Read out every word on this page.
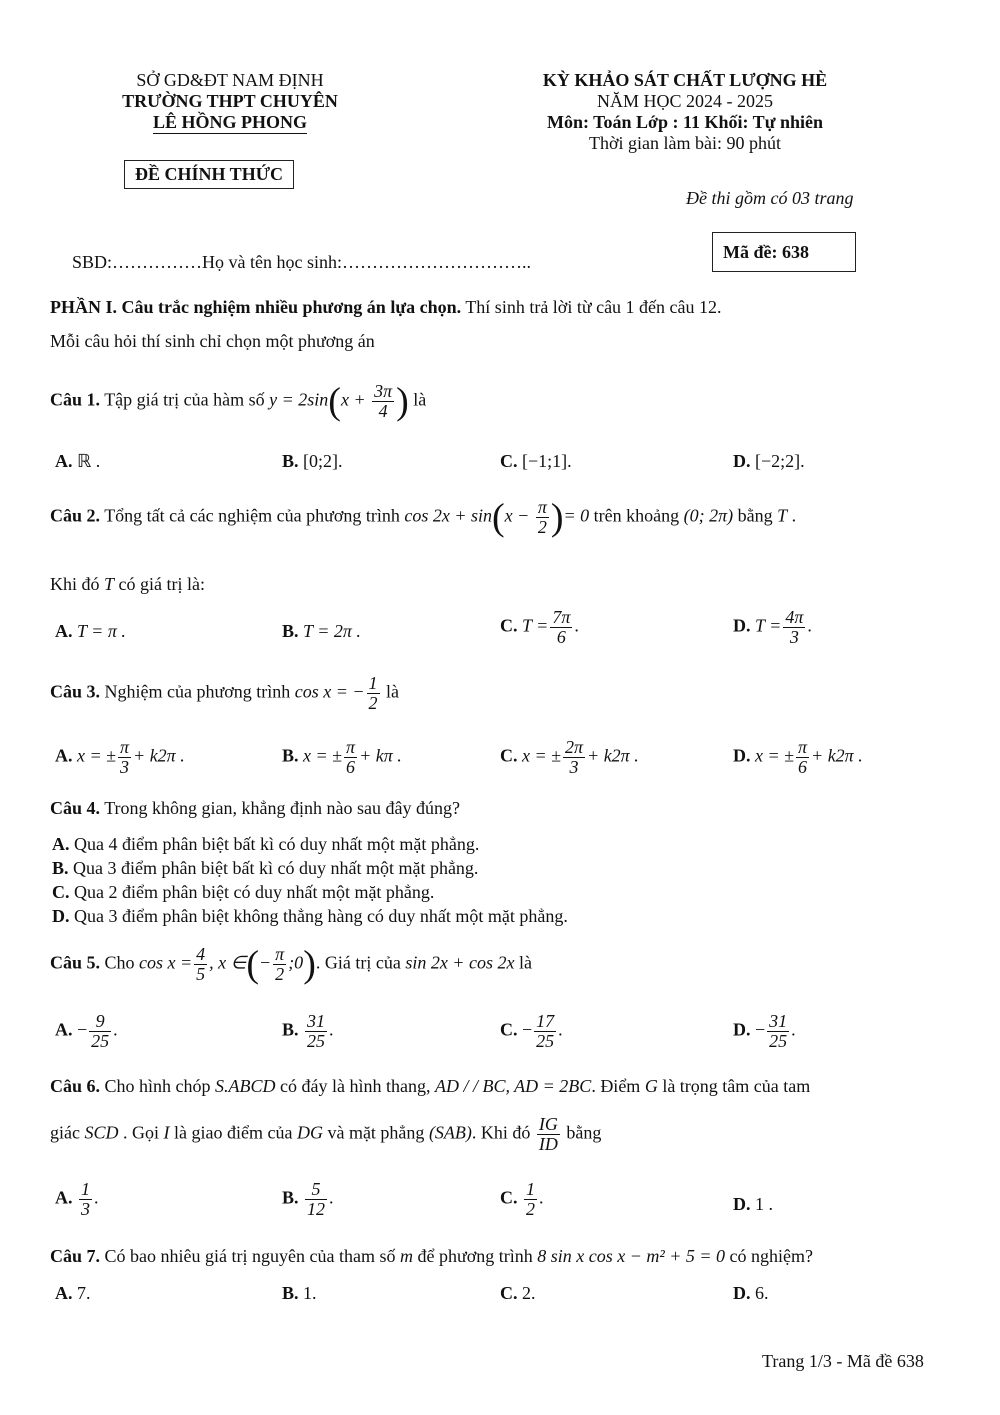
SỞ GD&ĐT NAM ĐỊNH
TRƯỜNG THPT CHUYÊN
LÊ HỒNG PHONG
ĐỀ CHÍNH THỨC
KỲ KHẢO SÁT CHẤT LƯỢNG HÈ
NĂM HỌC 2024 - 2025
Môn: Toán Lớp : 11 Khối: Tự nhiên
Thời gian làm bài: 90 phút
Đề thi gồm có 03 trang
SBD:……………Họ và tên học sinh:…………………………..	Mã đề: 638
PHẦN I. Câu trắc nghiệm nhiều phương án lựa chọn. Thí sinh trả lời từ câu 1 đến câu 12.
Mỗi câu hỏi thí sinh chỉ chọn một phương án
Câu 1. Tập giá trị của hàm số $y = 2\sin(x + \frac{3\pi}{4}$ ) là
A. ℝ .	B. [0;2].	C. [−1;1].	D. [−2;2].
Câu 2. Tổng tất cả các nghiệm của phương trình $\cos 2x + \sin(x - \frac{\pi}{2}$ )= 0 trên khoảng (0; 2π) bằng T .
Khi đó T có giá trị là:
A. T = π .	B. T = 2π .	C. $T = \frac{7\pi}{6}$ .	D. $T = \frac{4\pi}{3}$ .
Câu 3. Nghiệm của phương trình cos x = − $\frac{1}{2}$ là
A. x = ± $\frac{\pi}{3} + k2\pi$ .	B. x = ± $\frac{\pi}{6} + k\pi$ .	C. x = ± $\frac{2\pi}{3} + k2\pi$ .	D. x = ± $\frac{\pi}{6} + k2\pi$ .
Câu 4. Trong không gian, khẳng định nào sau đây đúng?
A. Qua 4 điểm phân biệt bất kì có duy nhất một mặt phẳng.
B. Qua 3 điểm phân biệt bất kì có duy nhất một mặt phẳng.
C. Qua 2 điểm phân biệt có duy nhất một mặt phẳng.
D. Qua 3 điểm phân biệt không thẳng hàng có duy nhất một mặt phẳng.
Câu 5. Cho $\cos x = \frac{4}{5}$ , x ∈(− $\frac{\pi}{2}$ ;0). Giá trị của sin 2x + cos 2x là
A. − $\frac{9}{25}$ .	B. $\frac{31}{25}$ .	C. − $\frac{17}{25}$ .	D. − $\frac{31}{25}$ .
Câu 6. Cho hình chóp S.ABCD có đáy là hình thang, AD / / BC, AD = 2BC. Điểm G là trọng tâm của tam
giác SCD . Gọi I là giao điểm của DG và mặt phẳng (SAB). Khi đó $\frac{IG}{ID}$ bằng
A. $\frac{1}{3}$ .	B. $\frac{5}{12}$ .	C. $\frac{1}{2}$ .	D. 1 .
Câu 7. Có bao nhiêu giá trị nguyên của tham số m để phương trình 8 sin x cos x − m² + 5 = 0 có nghiệm?
A. 7.	B. 1.	C. 2.	D. 6.
Trang 1/3 - Mã đề 638
